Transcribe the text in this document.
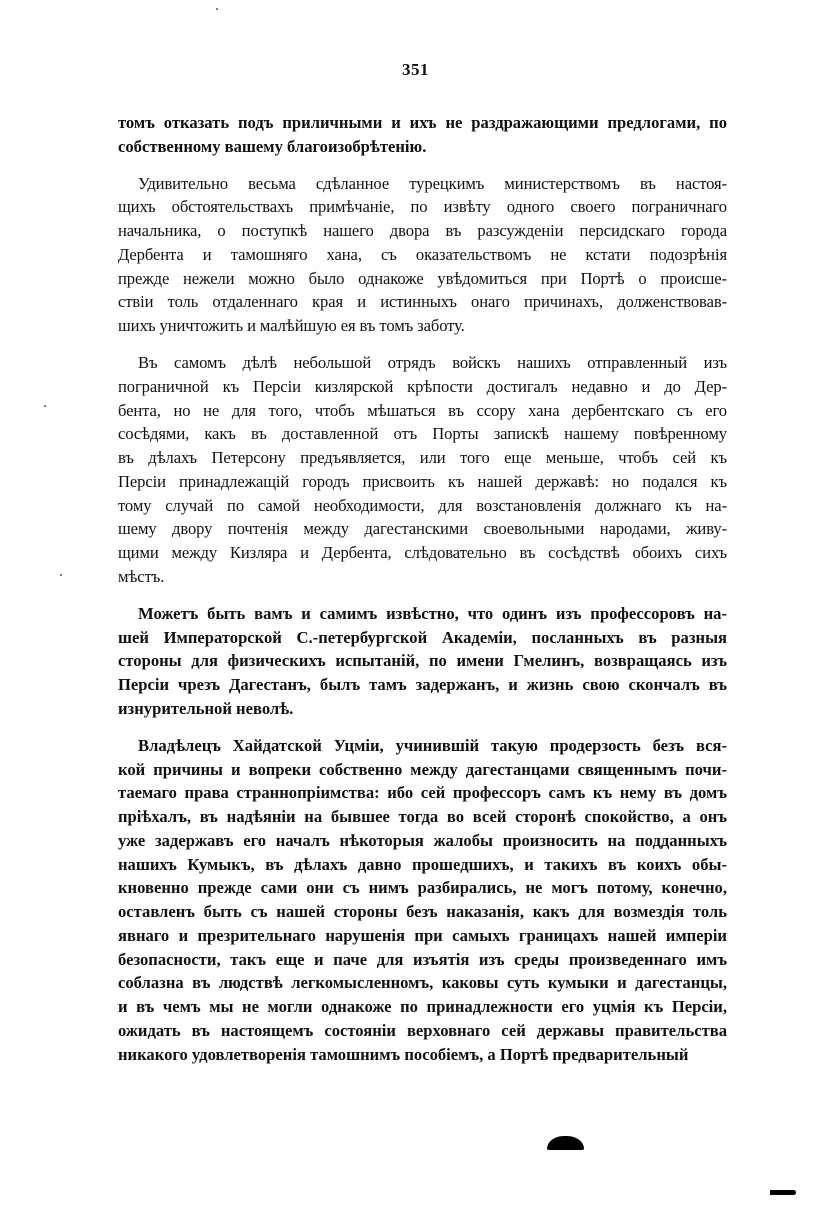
351
томъ отказать подъ приличными и ихъ не раздражающими предлогами, по
собственному вашему благоизобрѣтенію.
Удивительно весьма сдѣланное турецкимъ министерствомъ въ настоя-
щихъ обстоятельствахъ примѣчаніе, по извѣту одного своего пограничнаго
начальника, о поступкѣ нашего двора въ разсужденіи персидскаго города
Дербента и тамошняго хана, съ оказательствомъ не кстати подозрѣнія
прежде нежели можно было однакоже увѣдомиться при Портѣ о происше-
ствіи толь отдаленнаго края и истинныхъ онаго причинахъ, долженствовав-
шихъ уничтожить и малѣйшую ея въ томъ заботу.
Въ самомъ дѣлѣ небольшой отрядъ войскъ нашихъ отправленный изъ
пограничной къ Персіи кизлярской крѣпости достигалъ недавно и до Дер-
бента, но не для того, чтобъ мѣшаться въ ссору хана дербентскаго съ его
сосѣдями, какъ въ доставленной отъ Порты запискѣ нашему повѣренному
въ дѣлахъ Петерсону предъявляется, или того еще меньше, чтобъ сей къ
Персіи принадлежащій городъ присвоить къ нашей державѣ: но подался къ
тому случай по самой необходимости, для возстановленія должнаго къ на-
шему двору почтенія между дагестанскими своевольными народами, живу-
щими между Кизляра и Дербента, слѣдовательно въ сосѣдствѣ обоихъ сихъ
мѣстъ.
Можетъ быть вамъ и самимъ извѣстно, что одинъ изъ профессоровъ на-
шей Императорской С.-петербургской Академіи, посланныхъ въ разныя
стороны для физическихъ испытаній, по имени Гмелинъ, возвращаясь изъ
Персіи чрезъ Дагестанъ, былъ тамъ задержанъ, и жизнь свою скончалъ въ
изнурительной неволѣ.
Владѣлецъ Хайдатской Уцміи, учинившій такую продерзость безъ вся-
кой причины и вопреки собственно между дагестанцами священнымъ почи-
таемаго права страннопріимства: ибо сей профессоръ самъ къ нему въ домъ
пріѣхалъ, въ надѣяніи на бывшее тогда во всей сторонѣ спокойство, а онъ
уже задержавъ его началъ нѣкоторыя жалобы произносить на подданныхъ
нашихъ Кумыкъ, въ дѣлахъ давно прошедшихъ, и такихъ въ коихъ обы-
кновенно прежде сами они съ нимъ разбирались, не могъ потому, конечно,
оставленъ быть съ нашей стороны безъ наказанія, какъ для возмездія толь
явнаго и презрительнаго нарушенія при самыхъ границахъ нашей имперіи
безопасности, такъ еще и паче для изъятія изъ среды произведеннаго имъ
соблазна въ людствѣ легкомысленномъ, каковы суть кумыки и дагестанцы,
и въ чемъ мы не могли однакоже по принадлежности его уцмія къ Персіи,
ожидать въ настоящемъ состояніи верховнаго сей державы правительства
никакого удовлетворенія тамошнимъ пособіемъ, а Портѣ предварительный
